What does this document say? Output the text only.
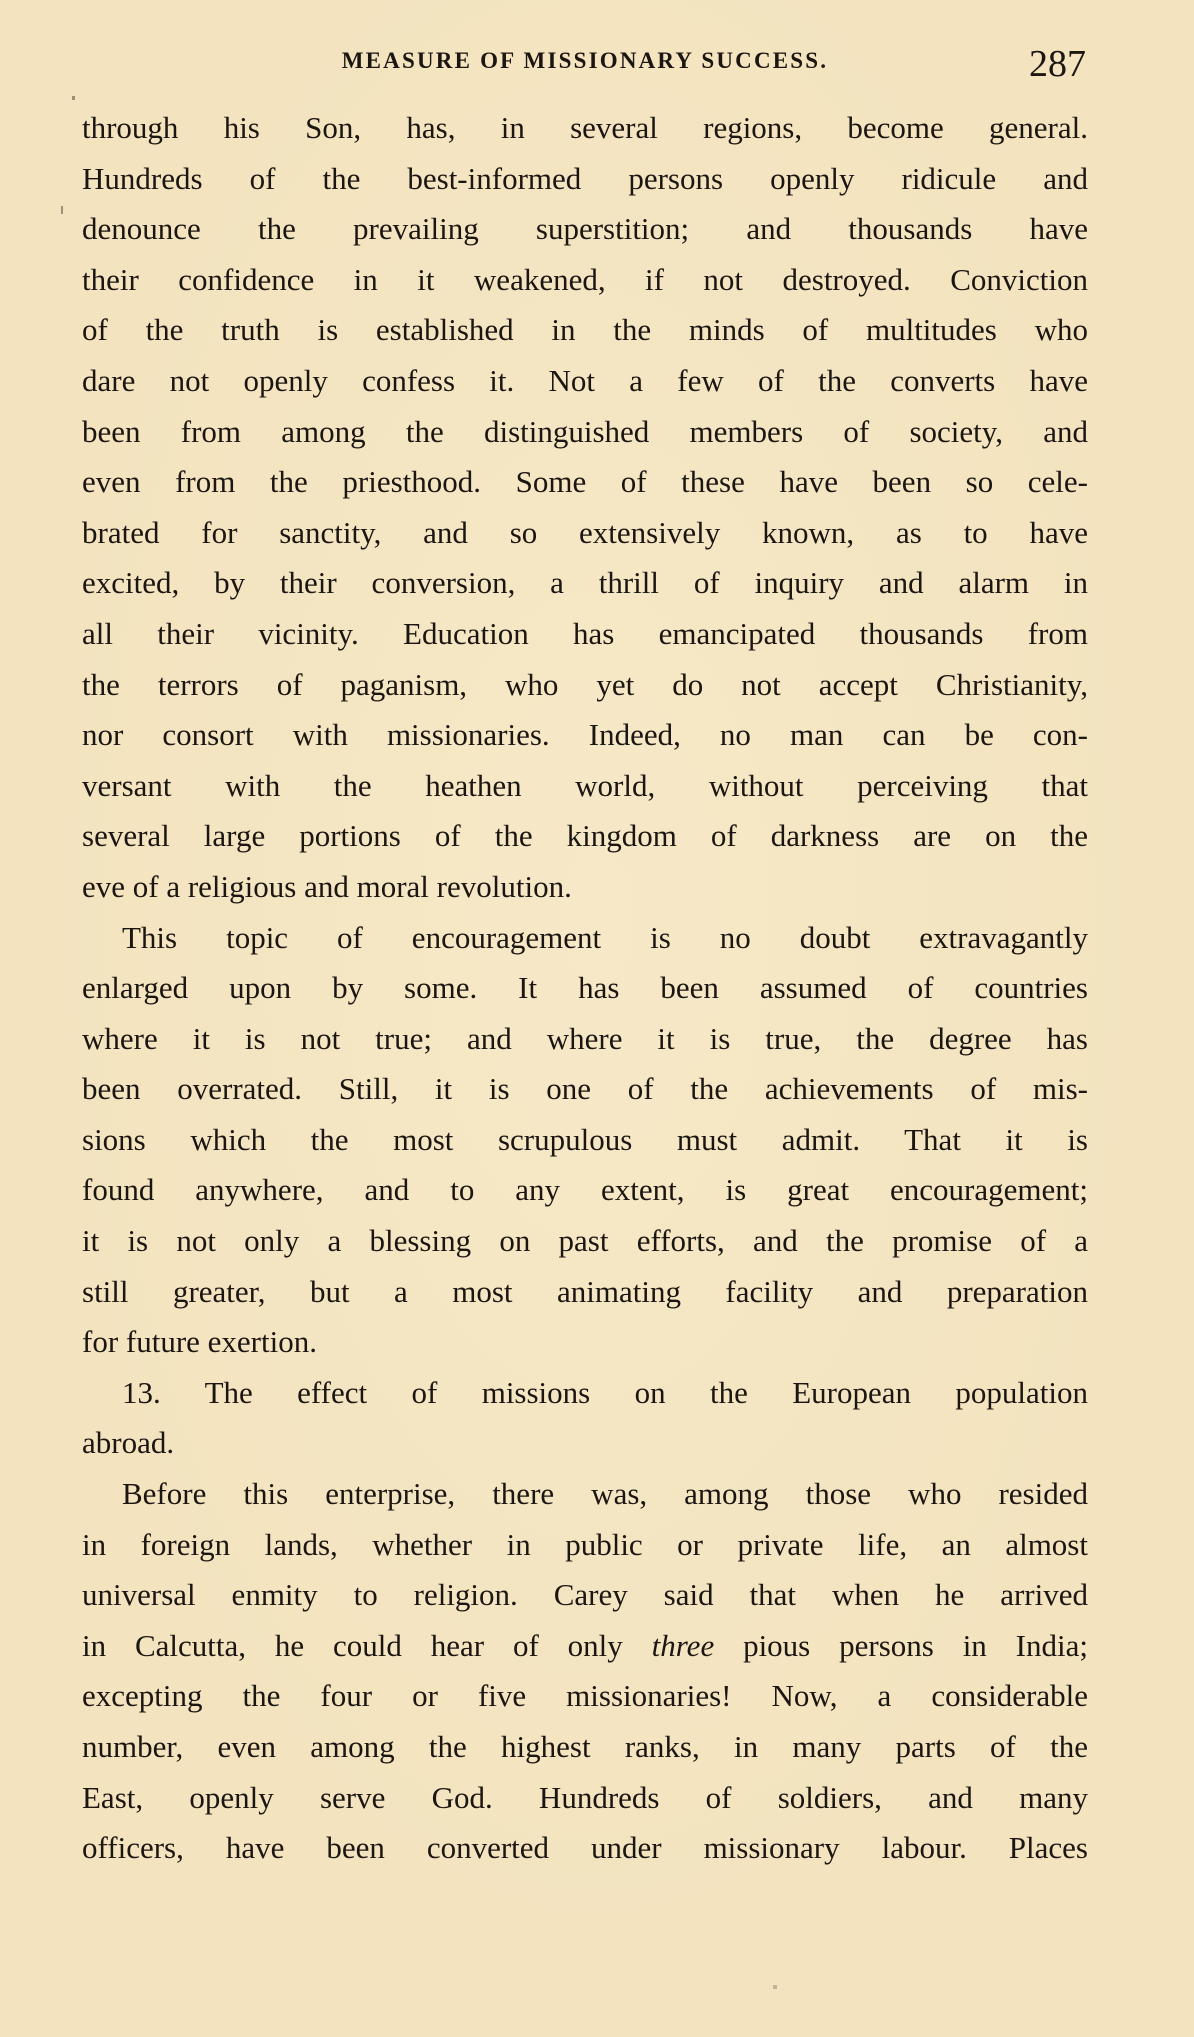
MEASURE OF MISSIONARY SUCCESS.	287
through his Son, has, in several regions, become general.
Hundreds of the best-informed persons openly ridicule and
denounce the prevailing superstition; and thousands have
their confidence in it weakened, if not destroyed. Conviction
of the truth is established in the minds of multitudes who
dare not openly confess it. Not a few of the converts have
been from among the distinguished members of society, and
even from the priesthood. Some of these have been so cele-
brated for sanctity, and so extensively known, as to have
excited, by their conversion, a thrill of inquiry and alarm in
all their vicinity. Education has emancipated thousands from
the terrors of paganism, who yet do not accept Christianity,
nor consort with missionaries. Indeed, no man can be con-
versant with the heathen world, without perceiving that
several large portions of the kingdom of darkness are on the
eve of a religious and moral revolution.
This topic of encouragement is no doubt extravagantly
enlarged upon by some. It has been assumed of countries
where it is not true; and where it is true, the degree has
been overrated. Still, it is one of the achievements of mis-
sions which the most scrupulous must admit. That it is
found anywhere, and to any extent, is great encouragement;
it is not only a blessing on past efforts, and the promise of a
still greater, but a most animating facility and preparation
for future exertion.
13. The effect of missions on the European population
abroad.
Before this enterprise, there was, among those who resided
in foreign lands, whether in public or private life, an almost
universal enmity to religion. Carey said that when he arrived
in Calcutta, he could hear of only three pious persons in India;
excepting the four or five missionaries! Now, a considerable
number, even among the highest ranks, in many parts of the
East, openly serve God. Hundreds of soldiers, and many
officers, have been converted under missionary labour. Places
